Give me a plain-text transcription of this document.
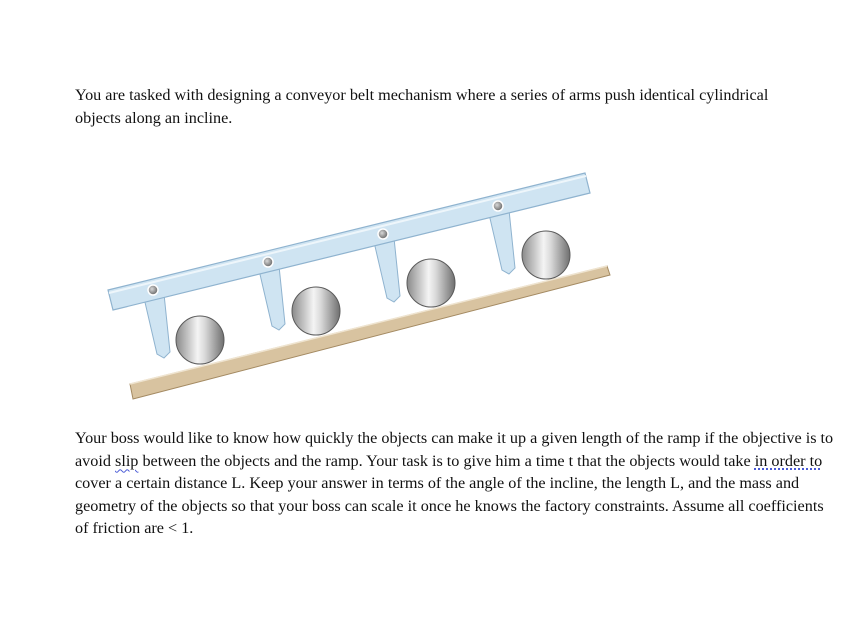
You are tasked with designing a conveyor belt mechanism where a series of arms push identical cylindrical objects along an incline.

Your boss would like to know how quickly the objects can make it up a given length of the ramp if the objective is to avoid slip between the objects and the ramp. Your task is to give him a time t that the objects would take in order to cover a certain distance L. Keep your answer in terms of the angle of the incline, the length L, and the mass and geometry of the objects so that your boss can scale it once he knows the factory constraints. Assume all coefficients of friction are < 1.
